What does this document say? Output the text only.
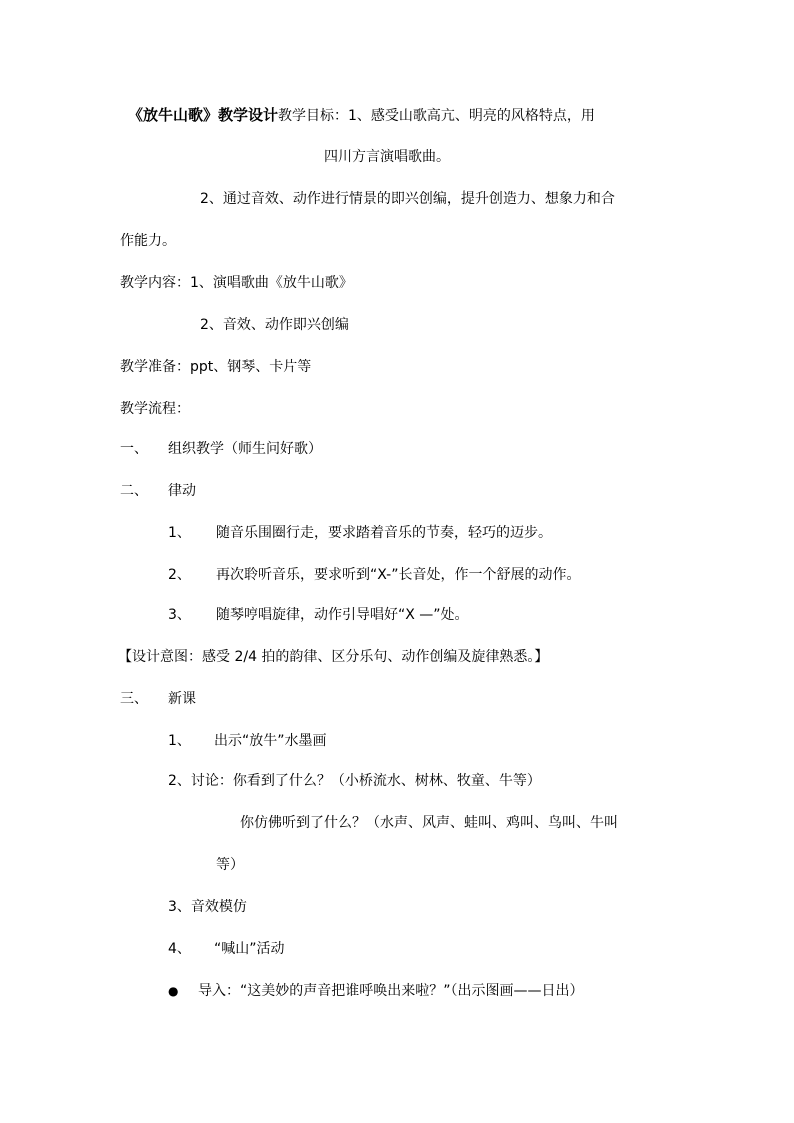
《放牛山歌》教学设计教学目标：1、感受山歌高亢、明亮的风格特点，用
四川方言演唱歌曲。
2、通过音效、动作进行情景的即兴创编，提升创造力、想象力和合
作能力。
教学内容：1、演唱歌曲《放牛山歌》
2、音效、动作即兴创编
教学准备：ppt、钢琴、卡片等
教学流程：
一、 组织教学（师生问好歌）
二、 律动
1、 随音乐围圈行走，要求踏着音乐的节奏，轻巧的迈步。
2、 再次聆听音乐，要求听到“X-”长音处，作一个舒展的动作。
3、 随琴哼唱旋律，动作引导唱好“X —”处。
【设计意图：感受 2/4 拍的韵律、区分乐句、动作创编及旋律熟悉。】
三、 新课
1、 出示“放牛”水墨画
2、讨论：你看到了什么？（小桥流水、树林、牧童、牛等）
你仿佛听到了什么？（水声、风声、蛙叫、鸡叫、鸟叫、牛叫
等）
3、音效模仿
4、 “喊山”活动
● 导入：“这美妙的声音把谁呼唤出来啦？”（出示图画——日出）
